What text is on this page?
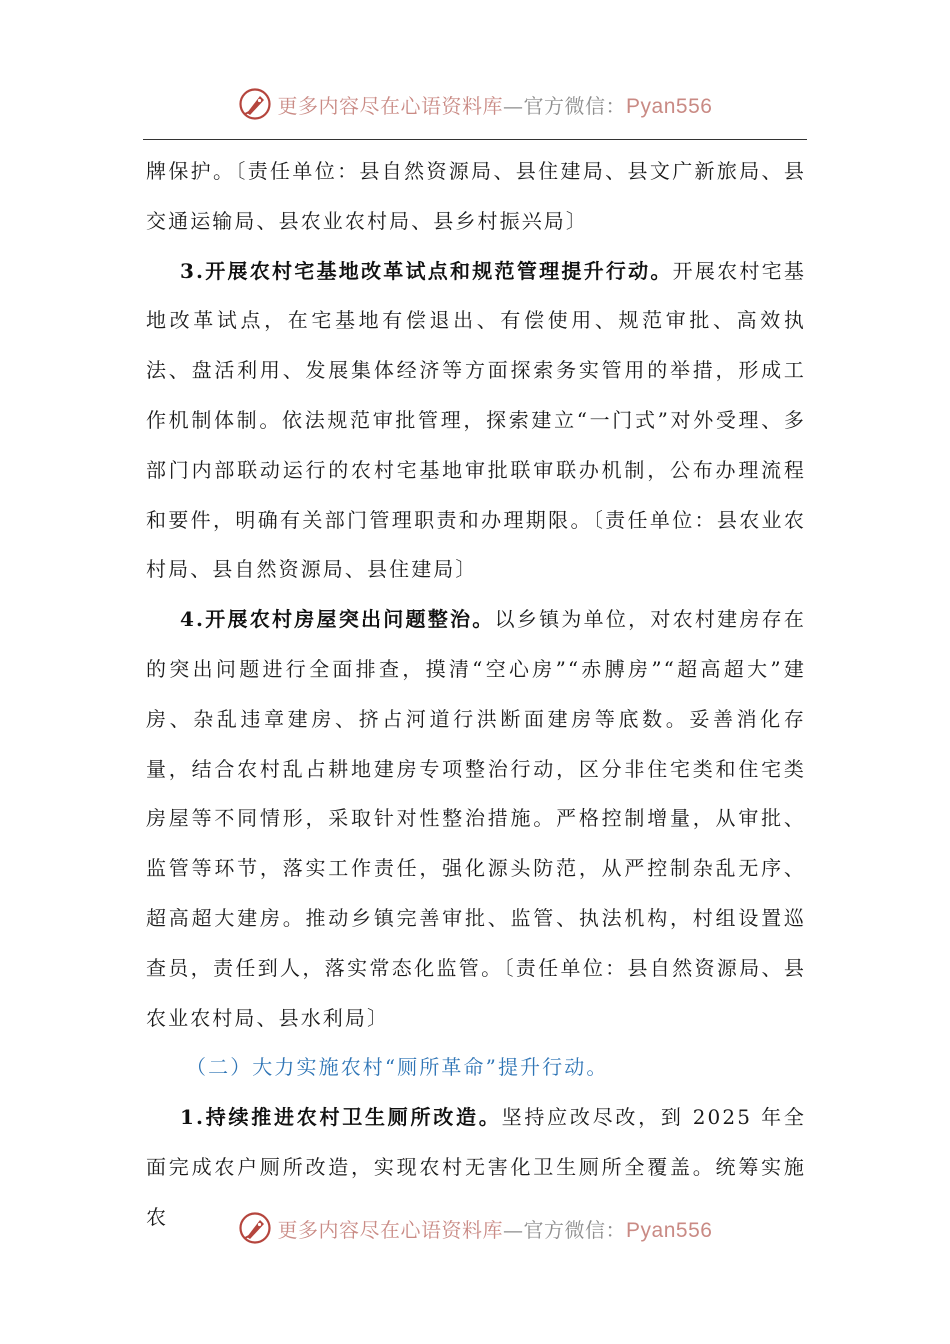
更多内容尽在心语资料库—官方微信：Pyan556

牌保护。〔责任单位：县自然资源局、县住建局、县文广新旅局、县交通运输局、县农业农村局、县乡村振兴局〕

3.开展农村宅基地改革试点和规范管理提升行动。开展农村宅基地改革试点，在宅基地有偿退出、有偿使用、规范审批、高效执法、盘活利用、发展集体经济等方面探索务实管用的举措，形成工作机制体制。依法规范审批管理，探索建立“一门式”对外受理、多部门内部联动运行的农村宅基地审批联审联办机制，公布办理流程和要件，明确有关部门管理职责和办理期限。〔责任单位：县农业农村局、县自然资源局、县住建局〕

4.开展农村房屋突出问题整治。以乡镇为单位，对农村建房存在的突出问题进行全面排查，摸清“空心房”“赤膊房”“超高超大”建房、杂乱违章建房、挤占河道行洪断面建房等底数。妥善消化存量，结合农村乱占耕地建房专项整治行动，区分非住宅类和住宅类房屋等不同情形，采取针对性整治措施。严格控制增量，从审批、监管等环节，落实工作责任，强化源头防范，从严控制杂乱无序、超高超大建房。推动乡镇完善审批、监管、执法机构，村组设置巡查员，责任到人，落实常态化监管。〔责任单位：县自然资源局、县农业农村局、县水利局〕

（二）大力实施农村“厕所革命”提升行动。

1.持续推进农村卫生厕所改造。坚持应改尽改，到 2025 年全面完成农户厕所改造，实现农村无害化卫生厕所全覆盖。统筹实施农

更多内容尽在心语资料库—官方微信：Pyan556
